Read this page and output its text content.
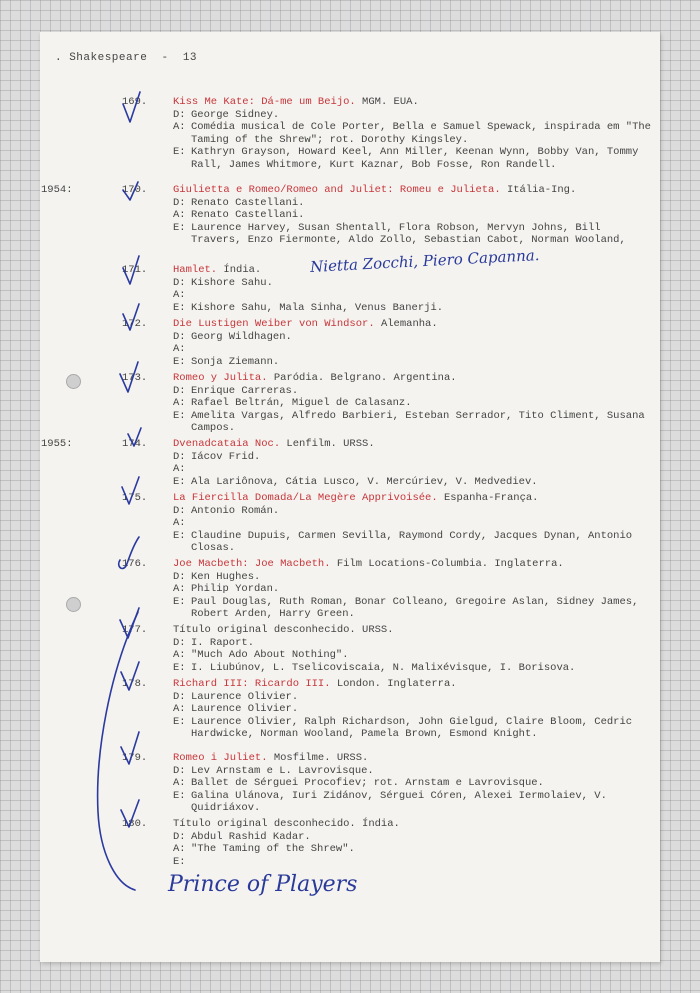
. Shakespeare  -  13
169. Kiss Me Kate: Dá-me um Beijo. MGM. EUA.
D: George Sidney.
A: Comédia musical de Cole Porter, Bella e Samuel Spewack, inspirada em "The Taming of the Shrew"; rot. Dorothy Kingsley.
E: Kathryn Grayson, Howard Keel, Ann Miller, Keenan Wynn, Bobby Van, Tommy Rall, James Whitmore, Kurt Kaznar, Bob Fosse, Ron Randell.
1954:	170. Giulietta e Romeo/Romeo and Juliet: Romeu e Julieta. Itália-Ing.
D: Renato Castellani.
A: Renato Castellani.
E: Laurence Harvey, Susan Shentall, Flora Robson, Mervyn Johns, Bill Travers, Enzo Fiermonte, Aldo Zollo, Sebastian Cabot, Norman Wooland,
171. Hamlet. Índia.
D: Kishore Sahu.
A:
E: Kishore Sahu, Mala Sinha, Venus Banerji.
172. Die Lustigen Weiber von Windsor. Alemanha.
D: Georg Wildhagen.
A:
E: Sonja Ziemann.
173. Romeo y Julita. Paródia. Belgrano. Argentina.
D: Enrique Carreras.
A: Rafael Beltrán, Miguel de Calasanz.
E: Amelita Vargas, Alfredo Barbieri, Esteban Serrador, Tito Climent, Susana Campos.
1955:	174. Dvenadcataia Noc. Lenfilm. URSS.
D: Iácov Frid.
A:
E: Ala Lariônova, Cátia Lusco, V. Mercúriev, V. Medvediev.
175. La Fiercilla Domada/La Megère Apprivoisée. Espanha-França.
D: Antonio Román.
A:
E: Claudine Dupuis, Carmen Sevilla, Raymond Cordy, Jacques Dynan, Antonio Closas.
176. Joe Macbeth: Joe Macbeth. Film Locations-Columbia. Inglaterra.
D: Ken Hughes.
A: Philip Yordan.
E: Paul Douglas, Ruth Roman, Bonar Colleano, Gregoire Aslan, Sidney James, Robert Arden, Harry Green.
177. Título original desconhecido. URSS.
D: I. Raport.
A: "Much Ado About Nothing".
E: I. Liubúnov, L. Tselicoviscaia, N. Malixévisque, I. Borisova.
178. Richard III: Ricardo III. London. Inglaterra.
D: Laurence Olivier.
A: Laurence Olivier.
E: Laurence Olivier, Ralph Richardson, John Gielgud, Claire Bloom, Cedric Hardwicke, Norman Wooland, Pamela Brown, Esmond Knight.
179. Romeo i Juliet. Mosfilme. URSS.
D: Lev Arnstam e L. Lavrovisque.
A: Ballet de Sérguei Procofiev; rot. Arnstam e Lavrovisque.
E: Galina Ulánova, Iuri Zidánov, Sérguei Córen, Alexei Iermolaiev, V. Quidriáxov.
180. Título original desconhecido. Índia.
D: Abdul Rashid Kadar.
A: "The Taming of the Shrew".
E:
Nietta Zocchi, Piero Capanna.
Prince of Players
